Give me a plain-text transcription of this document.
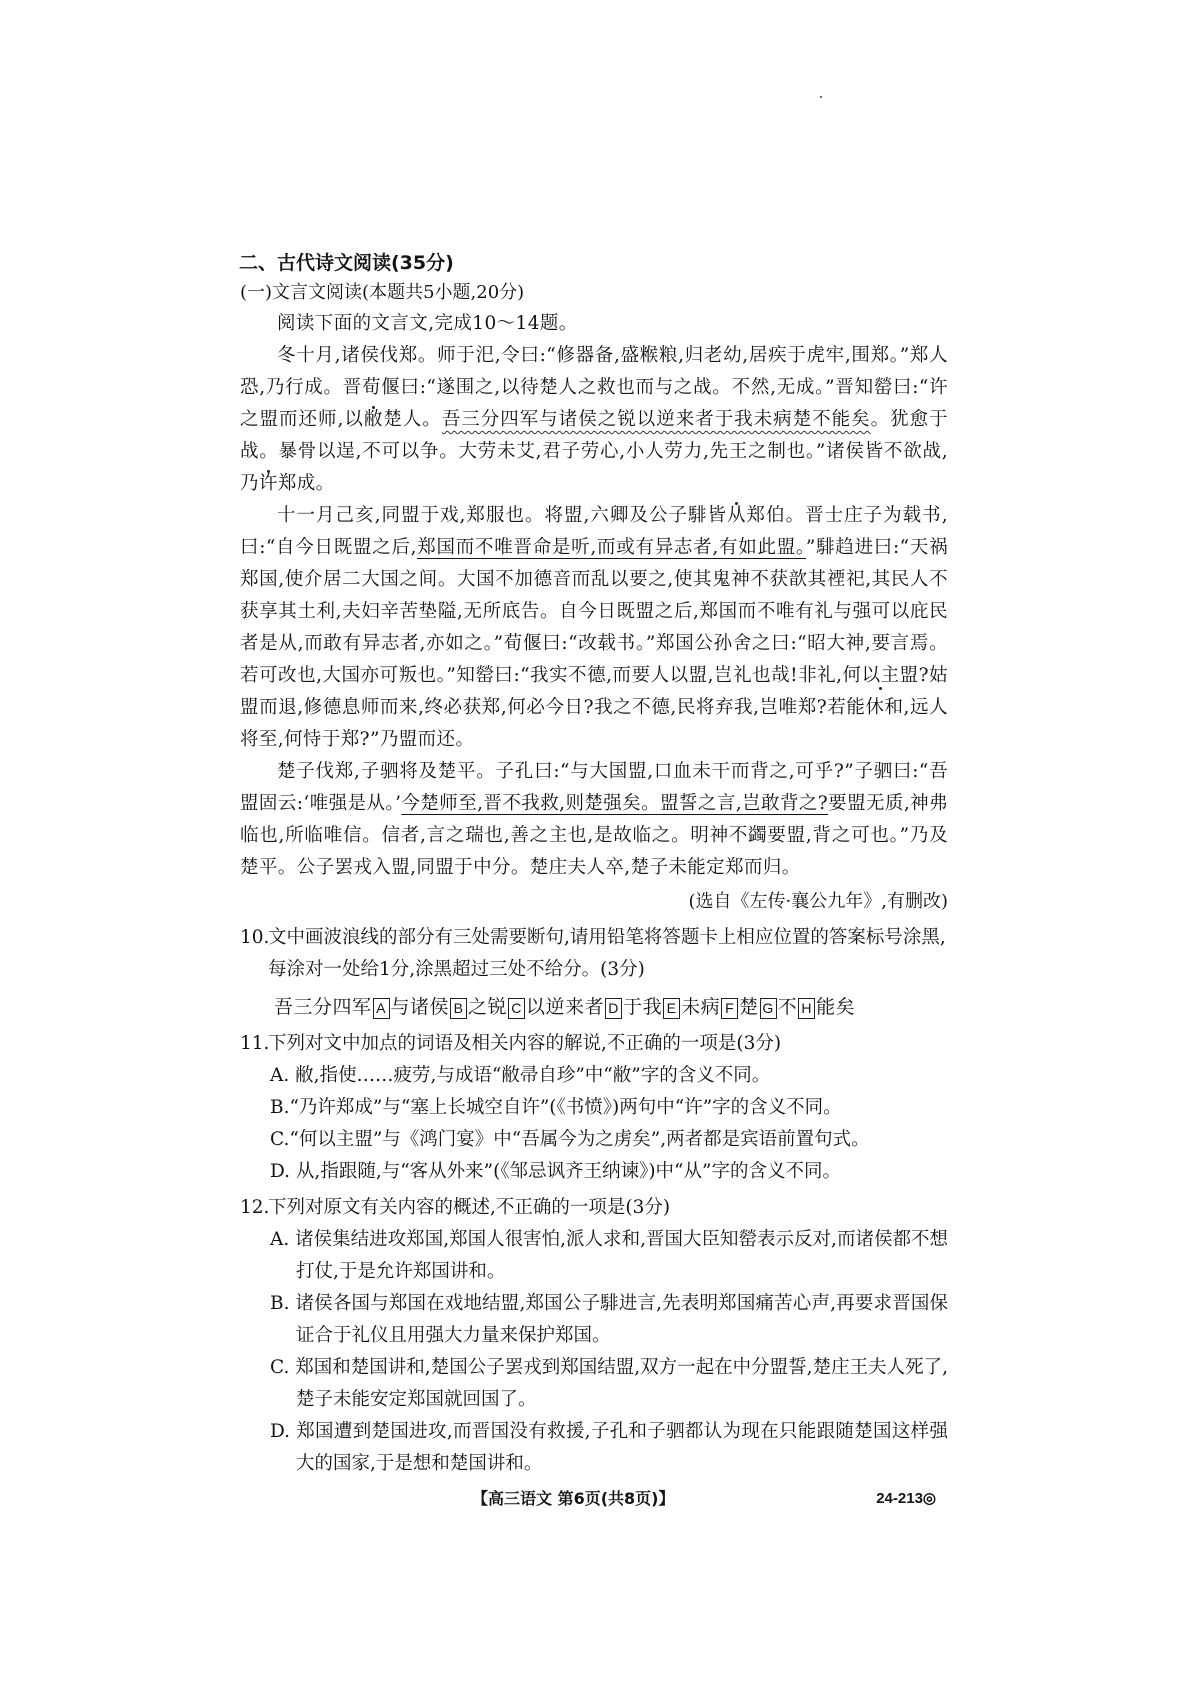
二、古代诗文阅读(35分)
(一)文言文阅读(本题共5小题,20分)

阅读下面的文言文,完成10～14题。

冬十月,诸侯伐郑。师于汜,令曰:“修器备,盛糇粮,归老幼,居疾于虎牢,围郑。”郑人恐,乃行成。晋荀偃曰:“遂围之,以待楚人之救也而与之战。不然,无成。”晋知罃曰:“许之盟而还师,以敝楚人。吾三分四军与诸侯之锐以逆来者于我未病楚不能矣。犹愈于战。暴骨以逞,不可以争。大劳未艾,君子劳心,小人劳力,先王之制也。”诸侯皆不欲战,乃许郑成。

十一月己亥,同盟于戏,郑服也。将盟,六卿及公子騑皆从郑伯。晋士庄子为载书,曰:“自今日既盟之后,郑国而不唯晋命是听,而或有异志者,有如此盟。”騑趋进曰:“天祸郑国,使介居二大国之间。大国不加德音而乱以要之,使其鬼神不获歆其禋祀,其民人不获享其土利,夫妇辛苦垫隘,无所底告。自今日既盟之后,郑国而不唯有礼与强可以庇民者是从,而敢有异志者,亦如之。”荀偃曰:“改载书。”郑国公孙舍之曰:“昭大神,要言焉。若可改也,大国亦可叛也。”知罃曰:“我实不德,而要人以盟,岂礼也哉!非礼,何以主盟?姑盟而退,修德息师而来,终必获郑,何必今日?我之不德,民将弃我,岂唯郑?若能休和,远人将至,何恃于郑?”乃盟而还。

楚子伐郑,子驷将及楚平。子孔曰:“与大国盟,口血未干而背之,可乎?”子驷曰:“吾盟固云:‘唯强是从。’今楚师至,晋不我救,则楚强矣。盟誓之言,岂敢背之?要盟无质,神弗临也,所临唯信。信者,言之瑞也,善之主也,是故临之。明神不蠲要盟,背之可也。”乃及楚平。公子罢戎入盟,同盟于中分。楚庄夫人卒,楚子未能定郑而归。

(选自《左传·襄公九年》,有删改)
10.文中画波浪线的部分有三处需要断句,请用铅笔将答题卡上相应位置的答案标号涂黑,每涂对一处给1分,涂黑超过三处不给分。(3分)
吾三分四军 A 与诸侯 B 之锐 C 以逆来者 D 于我 E 未病 F 楚 G 不 H 能矣
11.下列对文中加点的词语及相关内容的解说,不正确的一项是(3分)
A. 敝,指使……疲劳,与成语“敝帚自珍”中“敝”字的含义不同。
B.“乃许郑成”与“塞上长城空自许”(《书愤》)两句中“许”字的含义不同。
C.“何以主盟”与《鸿门宴》中“吾属今为之虏矣”,两者都是宾语前置句式。
D. 从,指跟随,与“客从外来”(《邹忌讽齐王纳谏》)中“从”字的含义不同。
12.下列对原文有关内容的概述,不正确的一项是(3分)
A. 诸侯集结进攻郑国,郑国人很害怕,派人求和,晋国大臣知罃表示反对,而诸侯都不想打仗,于是允许郑国讲和。
B. 诸侯各国与郑国在戏地结盟,郑国公子騑进言,先表明郑国痛苦心声,再要求晋国保证合于礼仪且用强大力量来保护郑国。
C. 郑国和楚国讲和,楚国公子罢戎到郑国结盟,双方一起在中分盟誓,楚庄王夫人死了,楚子未能安定郑国就回国了。
D. 郑国遭到楚国进攻,而晋国没有救援,子孔和子驷都认为现在只能跟随楚国这样强大的国家,于是想和楚国讲和。
【高三语文 第6页(共8页)】	24-213◎
